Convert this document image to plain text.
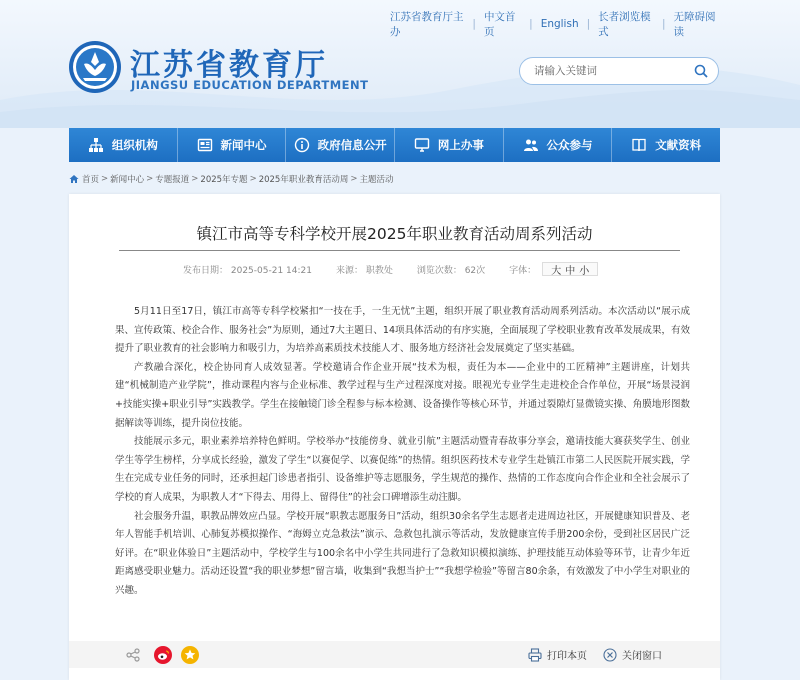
江苏省教育厅主办
|
中文首页
| English |
长者浏览模式
|
无障碍阅读
江苏省教育厅
JIANGSU EDUCATION DEPARTMENT
请输入关键词
组织机构	新闻中心	政府信息公开	网上办事	公众参与	文献资料
首页 > 新闻中心 > 专题报道 > 2025年专题 > 2025年职业教育活动周 > 主题活动
镇江市高等专科学校开展2025年职业教育活动周系列活动
发布日期： 2025-05-21 14:21	来源： 职教处	浏览次数： 62次	字体： 大 中 小

5月11日至17日，镇江市高等专科学校紧扣“一技在手，一生无忧”主题，组织开展了职业教育活动周系列活动。本次活动以“展示成果、宣传政策、校企合作、服务社会”为原则，通过7大主题日、14项具体活动的有序实施，全面展现了学校职业教育改革发展成果，有效提升了职业教育的社会影响力和吸引力，为培养高素质技术技能人才、服务地方经济社会发展奠定了坚实基础。

产教融合深化，校企协同育人成效显著。学校邀请合作企业开展“技术为根，责任为本——企业中的工匠精神”主题讲座，计划共建“机械制造产业学院”，推动课程内容与企业标准、教学过程与生产过程深度对接。眼视光专业学生走进校企合作单位，开展“场景浸润+技能实操+职业引导”实践教学。学生在接触镜门诊全程参与标本检测、设备操作等核心环节，并通过裂隙灯显微镜实操、角膜地形图数据解读等训练，提升岗位技能。

技能展示多元，职业素养培养特色鲜明。学校举办“技能傍身、就业引航”主题活动暨青春故事分享会，邀请技能大赛获奖学生、创业学生等学生榜样，分享成长经验，激发了学生“以赛促学、以赛促练”的热情。组织医药技术专业学生赴镇江市第二人民医院开展实践，学生在完成专业任务的同时，还承担起门诊患者指引、设备维护等志愿服务，学生规范的操作、热情的工作态度向合作企业和全社会展示了学校的育人成果，为职教人才“下得去、用得上、留得住”的社会口碑增添生动注脚。

社会服务升温，职教品牌效应凸显。学校开展“职教志愿服务日”活动，组织30余名学生志愿者走进周边社区，开展健康知识普及、老年人智能手机培训、心肺复苏模拟操作、“海姆立克急救法”演示、急救包扎演示等活动，发放健康宣传手册200余份，受到社区居民广泛好评。在“职业体验日”主题活动中，学校学生与100余名中小学生共同进行了急救知识模拟演练、护理技能互动体验等环节，让青少年近距离感受职业魅力。活动还设置“我的职业梦想”留言墙，收集到“我想当护士”“我想学检验”等留言80余条，有效激发了中小学生对职业的兴趣。

打印本页	关闭窗口
